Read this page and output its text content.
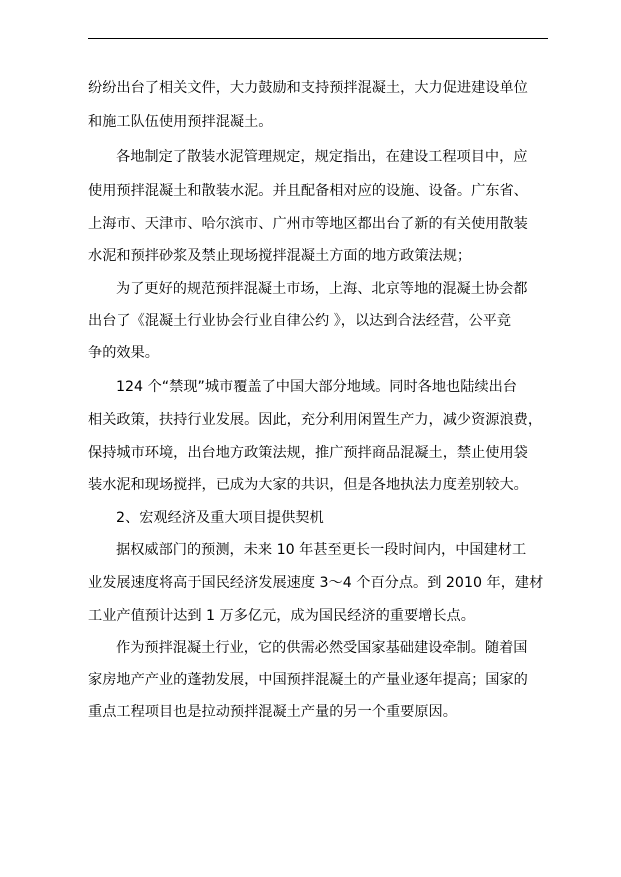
纷纷出台了相关文件，大力鼓励和支持预拌混凝土，大力促进建设单位
和施工队伍使用预拌混凝土。
各地制定了散装水泥管理规定，规定指出，在建设工程项目中，应
使用预拌混凝土和散装水泥。并且配备相对应的设施、设备。广东省、
上海市、天津市、哈尔滨市、广州市等地区都出台了新的有关使用散装
水泥和预拌砂浆及禁止现场搅拌混凝土方面的地方政策法规；
为了更好的规范预拌混凝土市场，上海、北京等地的混凝土协会都
出台了《混凝土行业协会行业自律公约 》，以达到合法经营，公平竞
争的效果。
124 个“禁现”城市覆盖了中国大部分地域。同时各地也陆续出台
相关政策，扶持行业发展。因此，充分利用闲置生产力，减少资源浪费，
保持城市环境，出台地方政策法规，推广预拌商品混凝土，禁止使用袋
装水泥和现场搅拌，已成为大家的共识，但是各地执法力度差别较大。
2、宏观经济及重大项目提供契机
据权威部门的预测，未来 10 年甚至更长一段时间内，中国建材工
业发展速度将高于国民经济发展速度 3～4 个百分点。到 2010 年，建材
工业产值预计达到 1 万多亿元，成为国民经济的重要增长点。
作为预拌混凝土行业，它的供需必然受国家基础建设牵制。随着国
家房地产产业的蓬勃发展，中国预拌混凝土的产量业逐年提高；国家的
重点工程项目也是拉动预拌混凝土产量的另一个重要原因。
